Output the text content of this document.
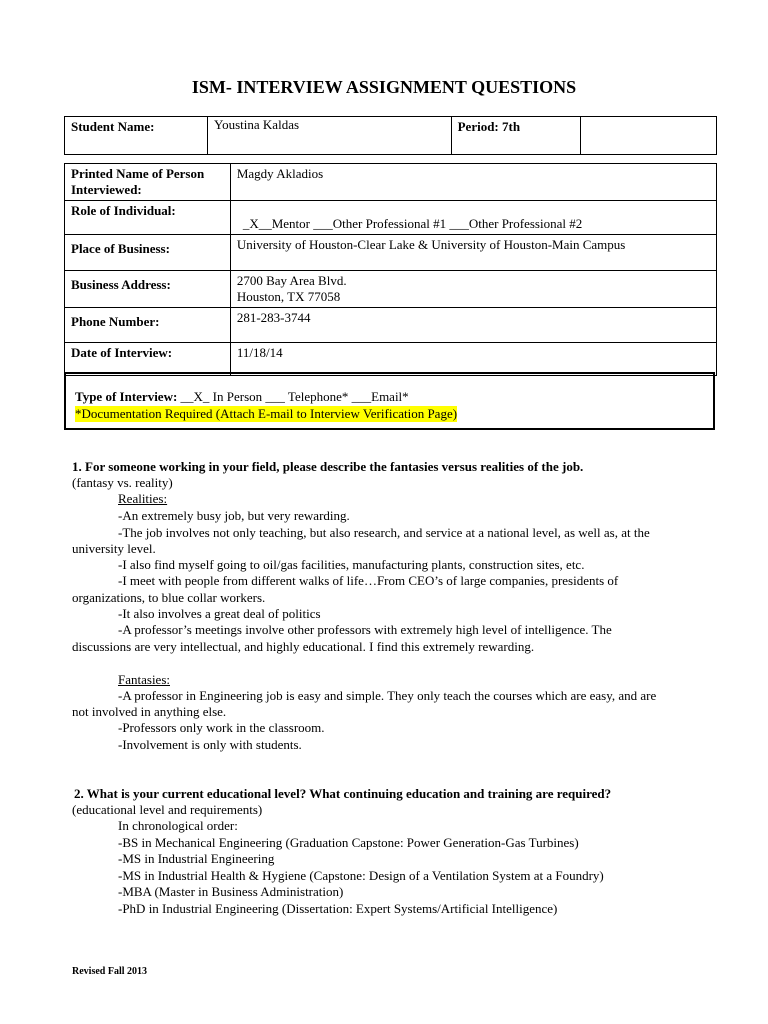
ISM- INTERVIEW ASSIGNMENT QUESTIONS
Student Name:	Youstina Kaldas	Period: 7th	
Printed Name of Person Interviewed:	Magdy Akladios
Role of Individual:	_X__Mentor ___Other Professional #1 ___Other Professional #2
Place of Business:	University of Houston-Clear Lake & University of Houston-Main Campus
Business Address:	2700 Bay Area Blvd.
Houston, TX 77058

Phone Number:	281-283-3744
Date of Interview:	11/18/14
Type of Interview: __X_ In Person ___ Telephone* ___Email*
*Documentation Required (Attach E-mail to Interview Verification Page)
1. For someone working in your field, please describe the fantasies versus realities of the job.
(fantasy vs. reality)
Realities:
-An extremely busy job, but very rewarding.
-The job involves not only teaching, but also research, and service at a national level, as well as, at the
university level.
-I also find myself going to oil/gas facilities, manufacturing plants, construction sites, etc.
-I meet with people from different walks of life…From CEO’s of large companies, presidents of
organizations, to blue collar workers.
-It also involves a great deal of politics
-A professor’s meetings involve other professors with extremely high level of intelligence. The
discussions are very intellectual, and highly educational. I find this extremely rewarding.
Fantasies:
-A professor in Engineering job is easy and simple. They only teach the courses which are easy, and are
not involved in anything else.
-Professors only work in the classroom.
-Involvement is only with students.
2. What is your current educational level? What continuing education and training are required?
(educational level and requirements)
In chronological order:
-BS in Mechanical Engineering (Graduation Capstone: Power Generation-Gas Turbines)
-MS in Industrial Engineering
-MS in Industrial Health & Hygiene (Capstone: Design of a Ventilation System at a Foundry)
-MBA (Master in Business Administration)
-PhD in Industrial Engineering (Dissertation: Expert Systems/Artificial Intelligence)
Revised Fall 2013
